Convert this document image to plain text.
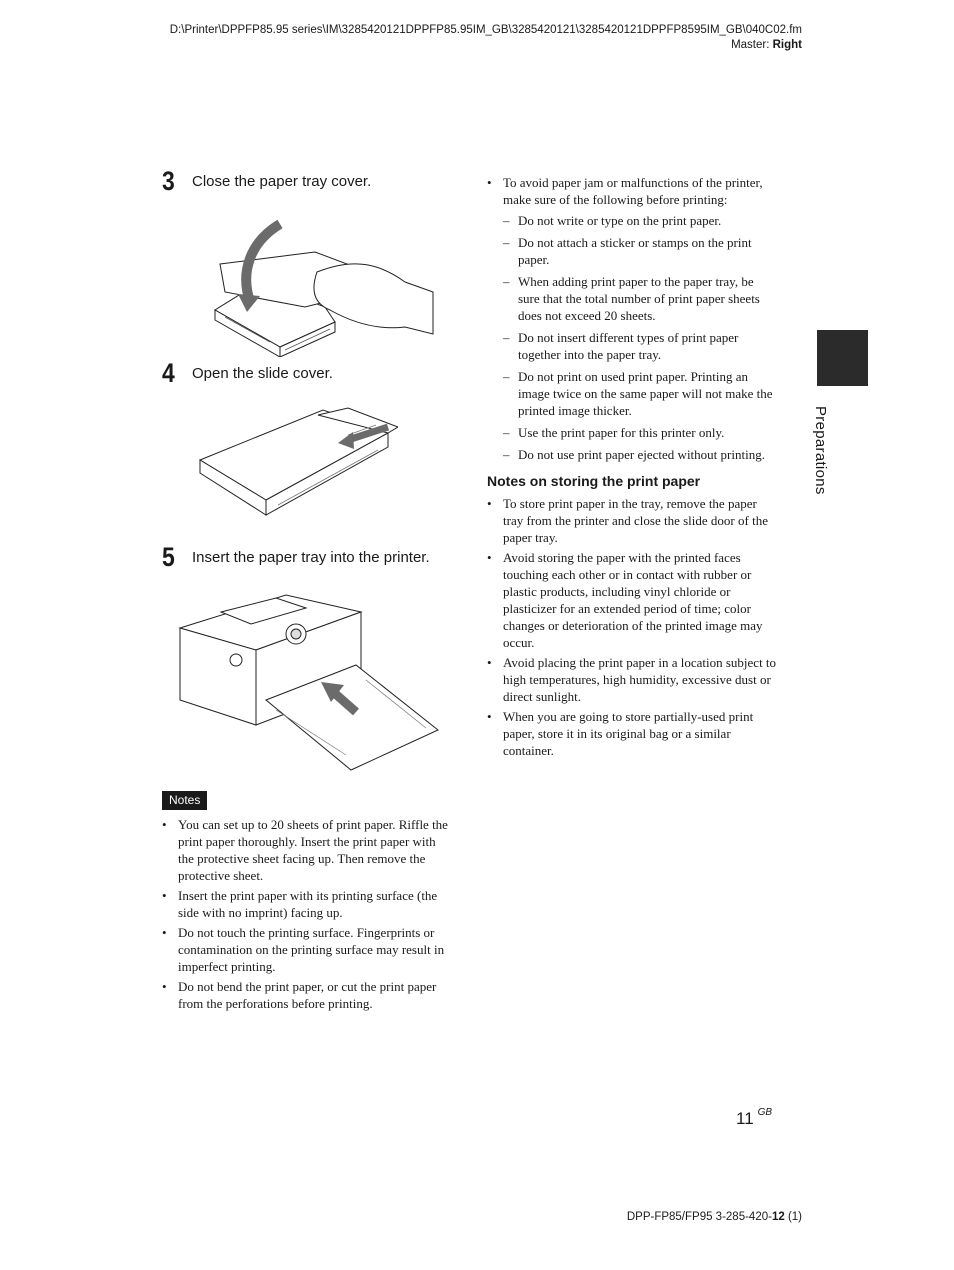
D:\Printer\DPPFP85.95 series\IM\3285420121DPPFP85.95IM_GB\3285420121\3285420121DPPFP8595IM_GB\040C02.fm
Master: Right
3 Close the paper tray cover.
4 Open the slide cover.
5 Insert the paper tray into the printer.
Notes
• You can set up to 20 sheets of print paper. Riffle the print paper thoroughly. Insert the print paper with the protective sheet facing up. Then remove the protective sheet.
• Insert the print paper with its printing surface (the side with no imprint) facing up.
• Do not touch the printing surface. Fingerprints or contamination on the printing surface may result in imperfect printing.
• Do not bend the print paper, or cut the print paper from the perforations before printing.
• To avoid paper jam or malfunctions of the printer, make sure of the following before printing:
– Do not write or type on the print paper.
– Do not attach a sticker or stamps on the print paper.
– When adding print paper to the paper tray, be sure that the total number of print paper sheets does not exceed 20 sheets.
– Do not insert different types of print paper together into the paper tray.
– Do not print on used print paper. Printing an image twice on the same paper will not make the printed image thicker.
– Use the print paper for this printer only.
– Do not use print paper ejected without printing.
Notes on storing the print paper
• To store print paper in the tray, remove the paper tray from the printer and close the slide door of the paper tray.
• Avoid storing the paper with the printed faces touching each other or in contact with rubber or plastic products, including vinyl chloride or plasticizer for an extended period of time; color changes or deterioration of the printed image may occur.
• Avoid placing the print paper in a location subject to high temperatures, high humidity, excessive dust or direct sunlight.
• When you are going to store partially-used print paper, store it in its original bag or a similar container.
Preparations
11 $^{GB}$
DPP-FP85/FP95 3-285-420-12 (1)
